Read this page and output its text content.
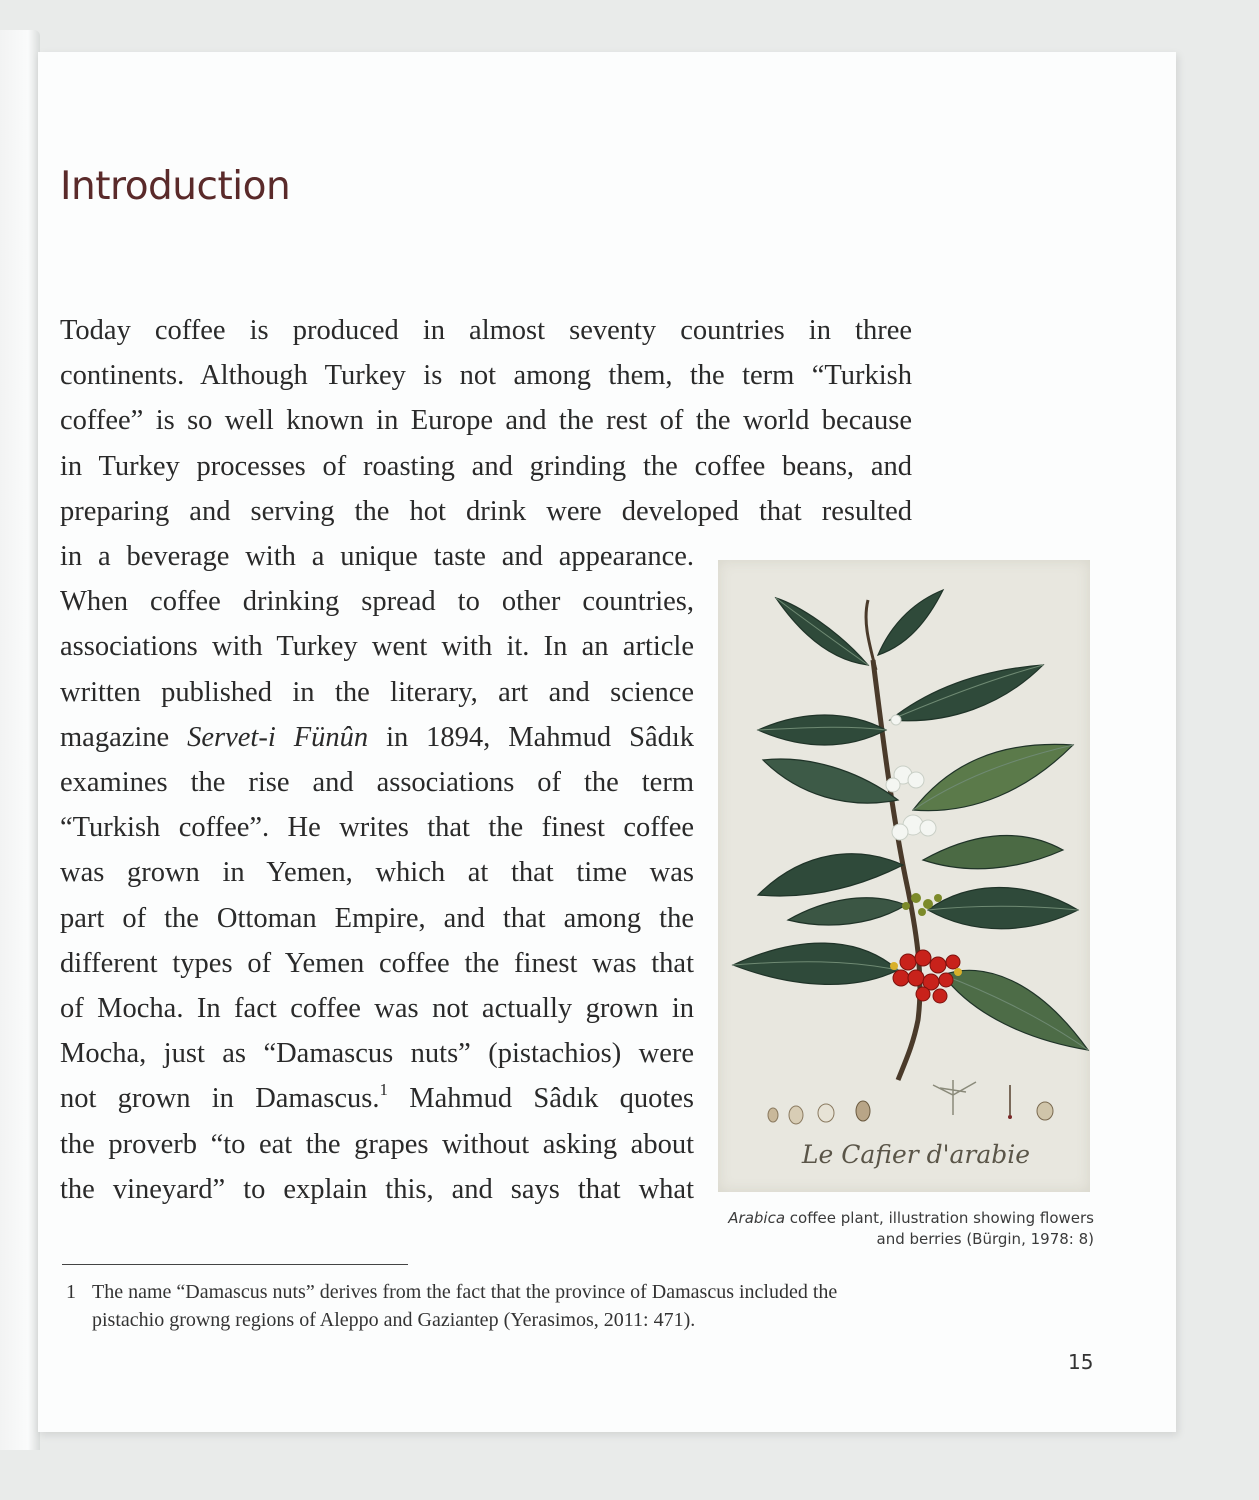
Introduction
Today coffee is produced in almost seventy countries in three
continents. Although Turkey is not among them, the term “Turkish
coffee” is so well known in Europe and the rest of the world because
in Turkey processes of roasting and grinding the coffee beans, and
preparing and serving the hot drink were developed that resulted
in a beverage with a unique taste and appearance.
When coffee drinking spread to other countries,
associations with Turkey went with it. In an article
written published in the literary, art and science
magazine Servet-i Fünûn in 1894, Mahmud Sâdık
examines the rise and associations of the term
“Turkish coffee”. He writes that the finest coffee
was grown in Yemen, which at that time was
part of the Ottoman Empire, and that among the
different types of Yemen coffee the finest was that
of Mocha. In fact coffee was not actually grown in
Mocha, just as “Damascus nuts” (pistachios) were
not grown in Damascus.$^1$ Mahmud Sâdık quotes
the proverb “to eat the grapes without asking about
the vineyard” to explain this, and says that what
Le Cafier d'arabie
Arabica coffee plant, illustration showing flowers
and berries (Bürgin, 1978: 8)
1 The name “Damascus nuts” derives from the fact that the province of Damascus included the
pistachio growng regions of Aleppo and Gaziantep (Yerasimos, 2011: 471).
15
